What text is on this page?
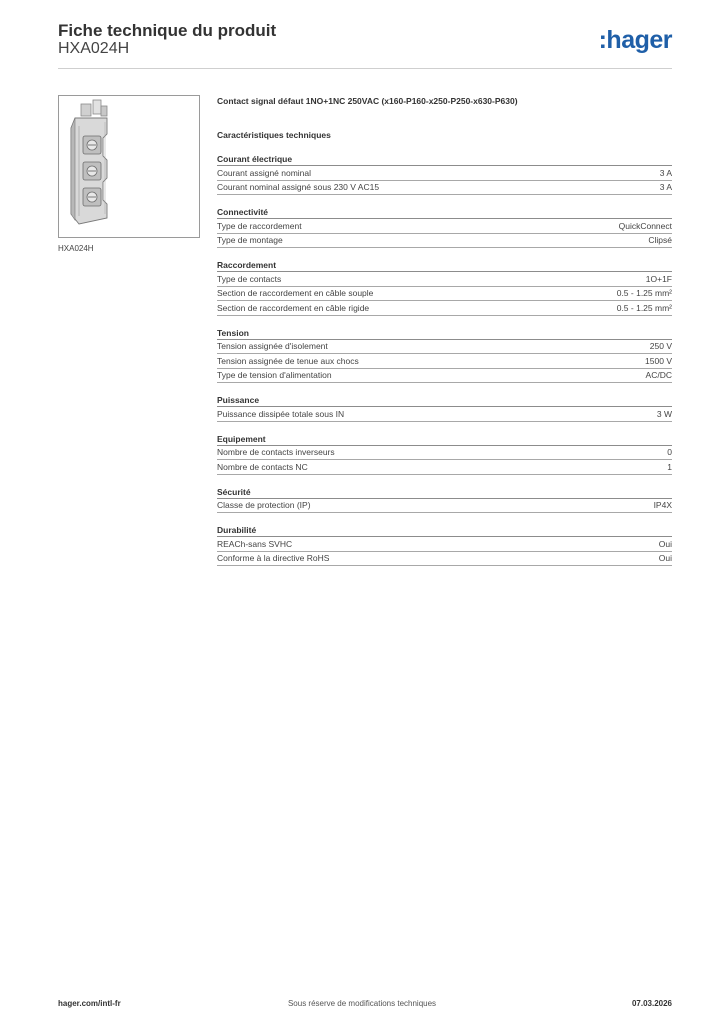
Fiche technique du produit
HXA024H	:hager
HXA024H
Contact signal défaut 1NO+1NC 250VAC (x160-P160-x250-P250-x630-P630)
Caractéristiques techniques
Courant électrique
Courant assigné nominal	3 A
Courant nominal assigné sous 230 V AC15	3 A
Connectivité
Type de raccordement	QuickConnect
Type de montage	Clipsé
Raccordement
Type de contacts	1O+1F
Section de raccordement en câble souple	0.5 - 1.25 mm²
Section de raccordement en câble rigide	0.5 - 1.25 mm²
Tension
Tension assignée d'isolement	250 V
Tension assignée de tenue aux chocs	1500 V
Type de tension d'alimentation	AC/DC
Puissance
Puissance dissipée totale sous IN	3 W
Equipement
Nombre de contacts inverseurs	0
Nombre de contacts NC	1
Sécurité
Classe de protection (IP)	IP4X
Durabilité
REACh-sans SVHC	Oui
Conforme à la directive RoHS	Oui
hager.com/intl-fr	Sous réserve de modifications techniques	07.03.2026
